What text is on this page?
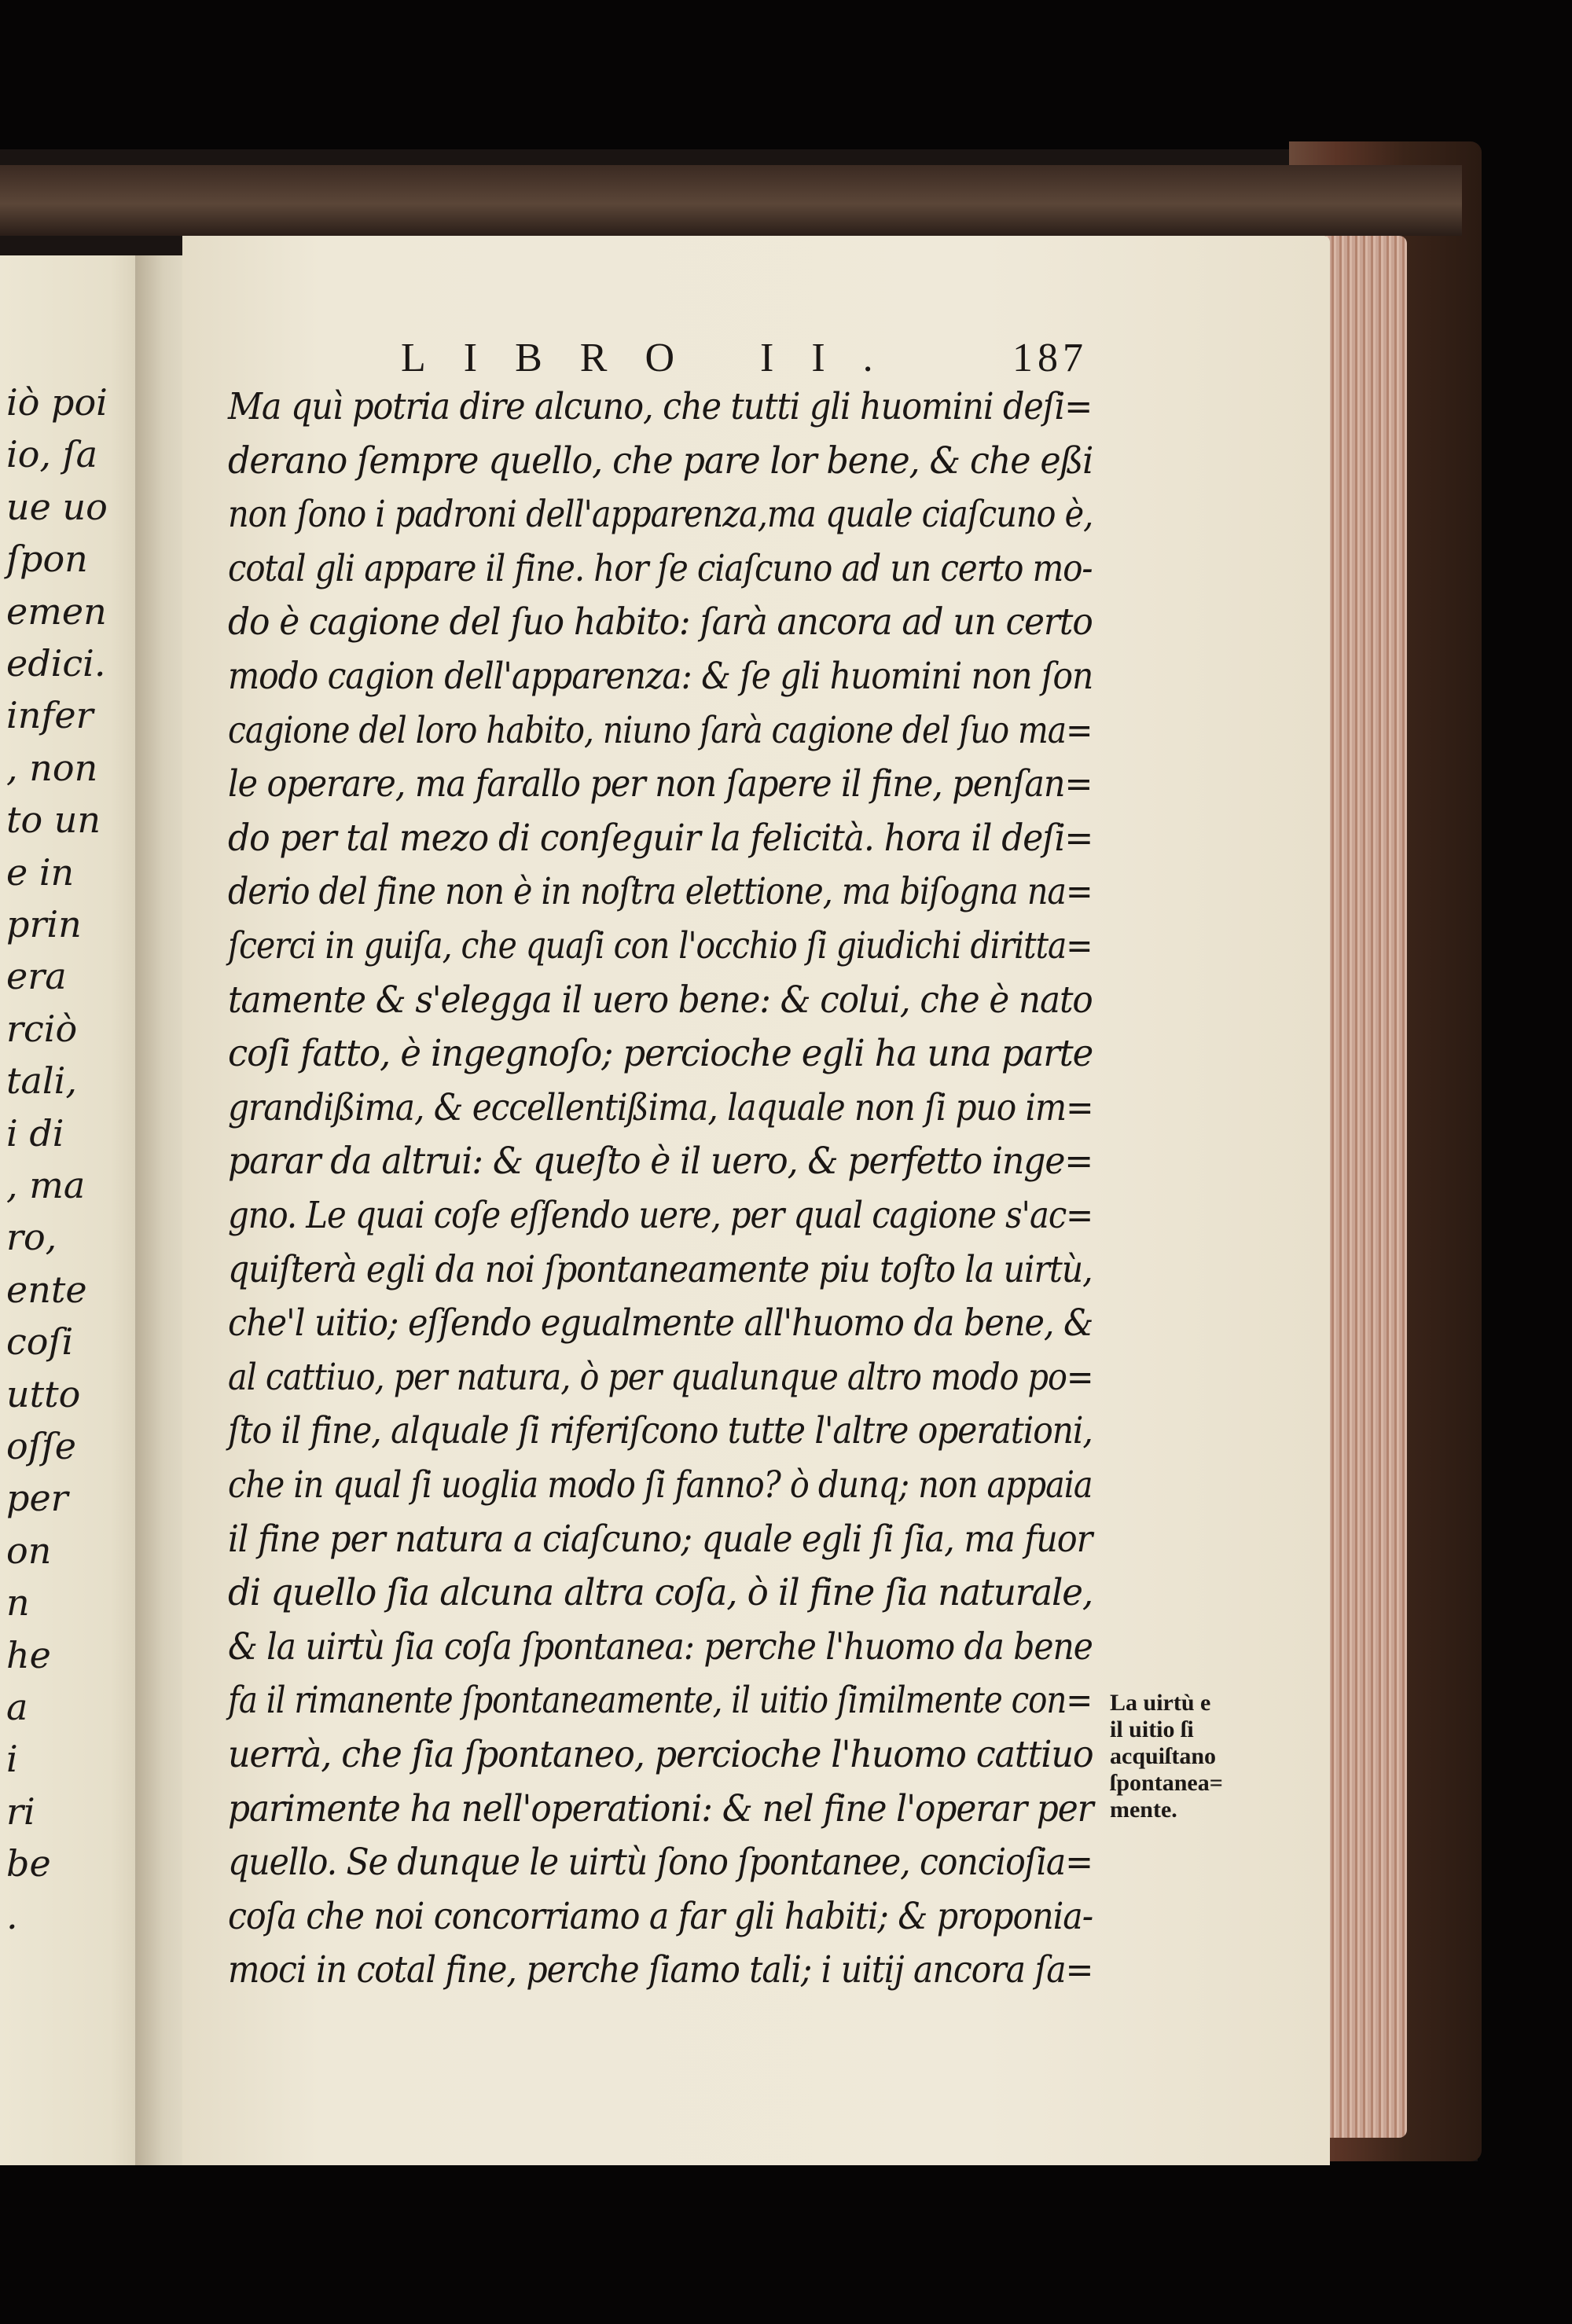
iò poi
io, ſa
ue uo
ſpon
emen
edici.
infer
, non
to un
e in
prin
era
rciò
tali,
i di
, ma
ro,
ente
coſi
utto
oſſe
per
on
n
he
a
i
ri
be
.
LIBRO II. 187
Ma quì potria dire alcuno, che tutti gli huomini deſi=
derano ſempre quello, che pare lor bene, & che eßi
non ſono i padroni dell'apparenza,ma quale ciaſcuno è,
cotal gli appare il fine. hor ſe ciaſcuno ad un certo mo-
do è cagione del ſuo habito: ſarà ancora ad un certo
modo cagion dell'apparenza: & ſe gli huomini non ſon
cagione del loro habito, niuno ſarà cagione del ſuo ma=
le operare, ma farallo per non ſapere il fine, penſan=
do per tal mezo di conſeguir la felicità. hora il deſi=
derio del fine non è in noſtra elettione, ma biſogna na=
ſcerci in guiſa, che quaſi con l'occhio ſi giudichi diritta=
tamente & s'elegga il uero bene: & colui, che è nato
coſi fatto, è ingegnoſo; percioche egli ha una parte
grandißima, & eccellentißima, laquale non ſi puo im=
parar da altrui: & queſto è il uero, & perfetto inge=
gno. Le quai coſe eſſendo uere, per qual cagione s'ac=
quiſterà egli da noi ſpontaneamente piu toſto la uirtù,
che'l uitio; eſſendo egualmente all'huomo da bene, &
al cattiuo, per natura, ò per qualunque altro modo po=
ſto il fine, alquale ſi riferiſcono tutte l'altre operationi,
che in qual ſi uoglia modo ſi fanno? ò dunq; non appaia
il fine per natura a ciaſcuno; quale egli ſi ſia, ma fuor
di quello ſia alcuna altra coſa, ò il fine ſia naturale,
& la uirtù ſia coſa ſpontanea: perche l'huomo da bene
fa il rimanente ſpontaneamente, il uitio ſimilmente con=
uerrà, che ſia ſpontaneo, percioche l'huomo cattiuo
parimente ha nell'operationi: & nel fine l'operar per
quello. Se dunque le uirtù ſono ſpontanee, concioſia=
coſa che noi concorriamo a far gli habiti; & proponia-
moci in cotal fine, perche ſiamo tali; i uitij ancora ſa=
La uirtù e
il uitio ſi
acquiſtano
ſpontanea=
mente.
